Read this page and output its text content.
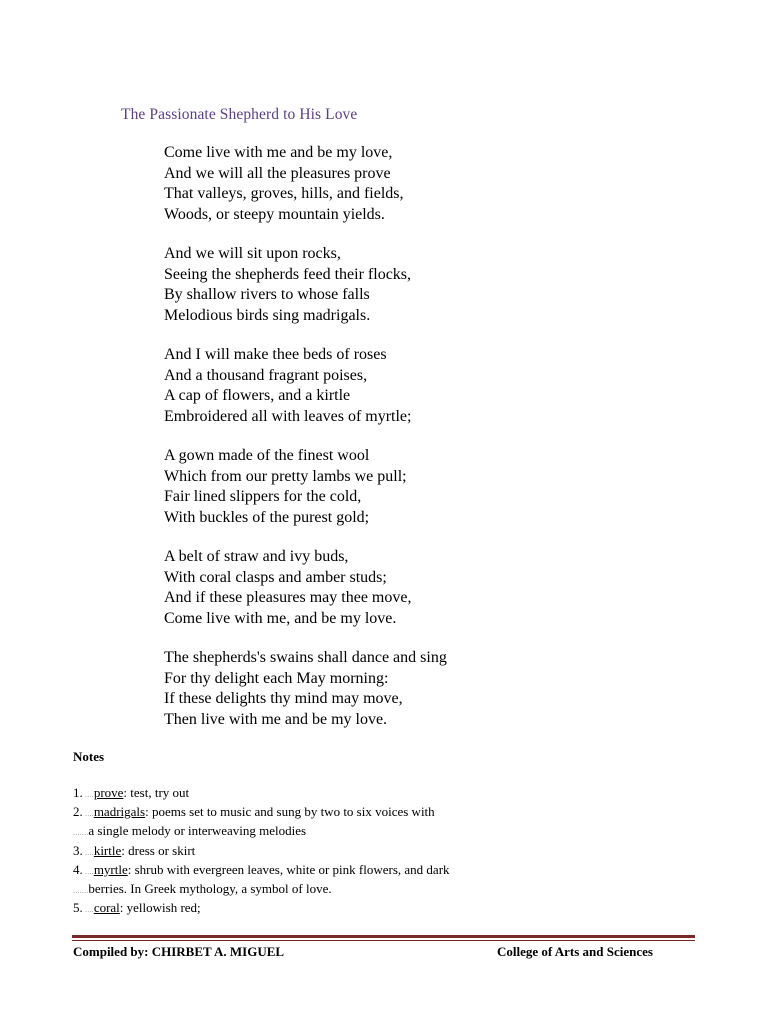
The Passionate Shepherd to His Love
Come live with me and be my love,
And we will all the pleasures prove
That valleys, groves, hills, and fields,
Woods, or steepy mountain yields.
And we will sit upon rocks,
Seeing the shepherds feed their flocks,
By shallow rivers to whose falls
Melodious birds sing madrigals.
And I will make thee beds of roses
And a thousand fragrant poises,
A cap of flowers, and a kirtle
Embroidered all with leaves of myrtle;
A gown made of the finest wool
Which from our pretty lambs we pull;
Fair lined slippers for the cold,
With buckles of the purest gold;
A belt of straw and ivy buds,
With coral clasps and amber studs;
And if these pleasures may thee move,
Come live with me, and be my love.
The shepherds's swains shall dance and sing
For thy delight each May morning:
If these delights thy mind may move,
Then live with me and be my love.
Notes
1. ....prove: test, try out
2. ....madrigals: poems set to music and sung by two to six voices with
.......a single melody or interweaving melodies
3. ....kirtle: dress or skirt
4. ....myrtle: shrub with evergreen leaves, white or pink flowers, and dark
.......berries. In Greek mythology, a symbol of love.
5. ....coral: yellowish red;
Compiled by: CHIRBET A. MIGUEL	College of Arts and Sciences
